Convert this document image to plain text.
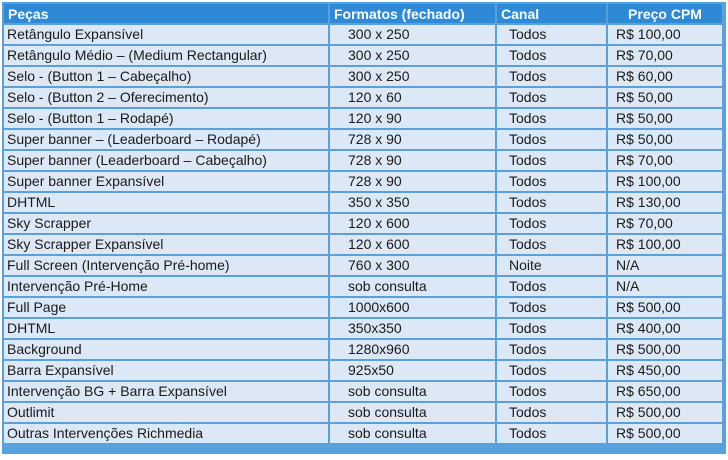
Peças	Formatos (fechado)	Canal	Preço CPM
Retângulo Expansível	300 x 250	Todos	R$ 100,00
Retângulo Médio – (Medium Rectangular)	300 x 250	Todos	R$ 70,00
Selo - (Button 1 – Cabeçalho)	300 x 250	Todos	R$ 60,00
Selo - (Button 2 – Oferecimento)	120 x 60	Todos	R$ 50,00
Selo - (Button 1 – Rodapé)	120 x 90	Todos	R$ 50,00
Super banner – (Leaderboard – Rodapé)	728 x 90	Todos	R$ 50,00
Super banner (Leaderboard – Cabeçalho)	728 x 90	Todos	R$ 70,00
Super banner Expansível	728 x 90	Todos	R$ 100,00
DHTML	350 x 350	Todos	R$ 130,00
Sky Scrapper	120 x 600	Todos	R$ 70,00
Sky Scrapper Expansível	120 x 600	Todos	R$ 100,00
Full Screen (Intervenção Pré-home)	760 x 300	Noite	N/A
Intervenção Pré-Home	sob consulta	Todos	N/A
Full Page	1000x600	Todos	R$ 500,00
DHTML	350x350	Todos	R$ 400,00
Background	1280x960	Todos	R$ 500,00
Barra Expansível	925x50	Todos	R$ 450,00
Intervenção BG + Barra Expansível	sob consulta	Todos	R$ 650,00
Outlimit	sob consulta	Todos	R$ 500,00
Outras Intervenções Richmedia	sob consulta	Todos	R$ 500,00
